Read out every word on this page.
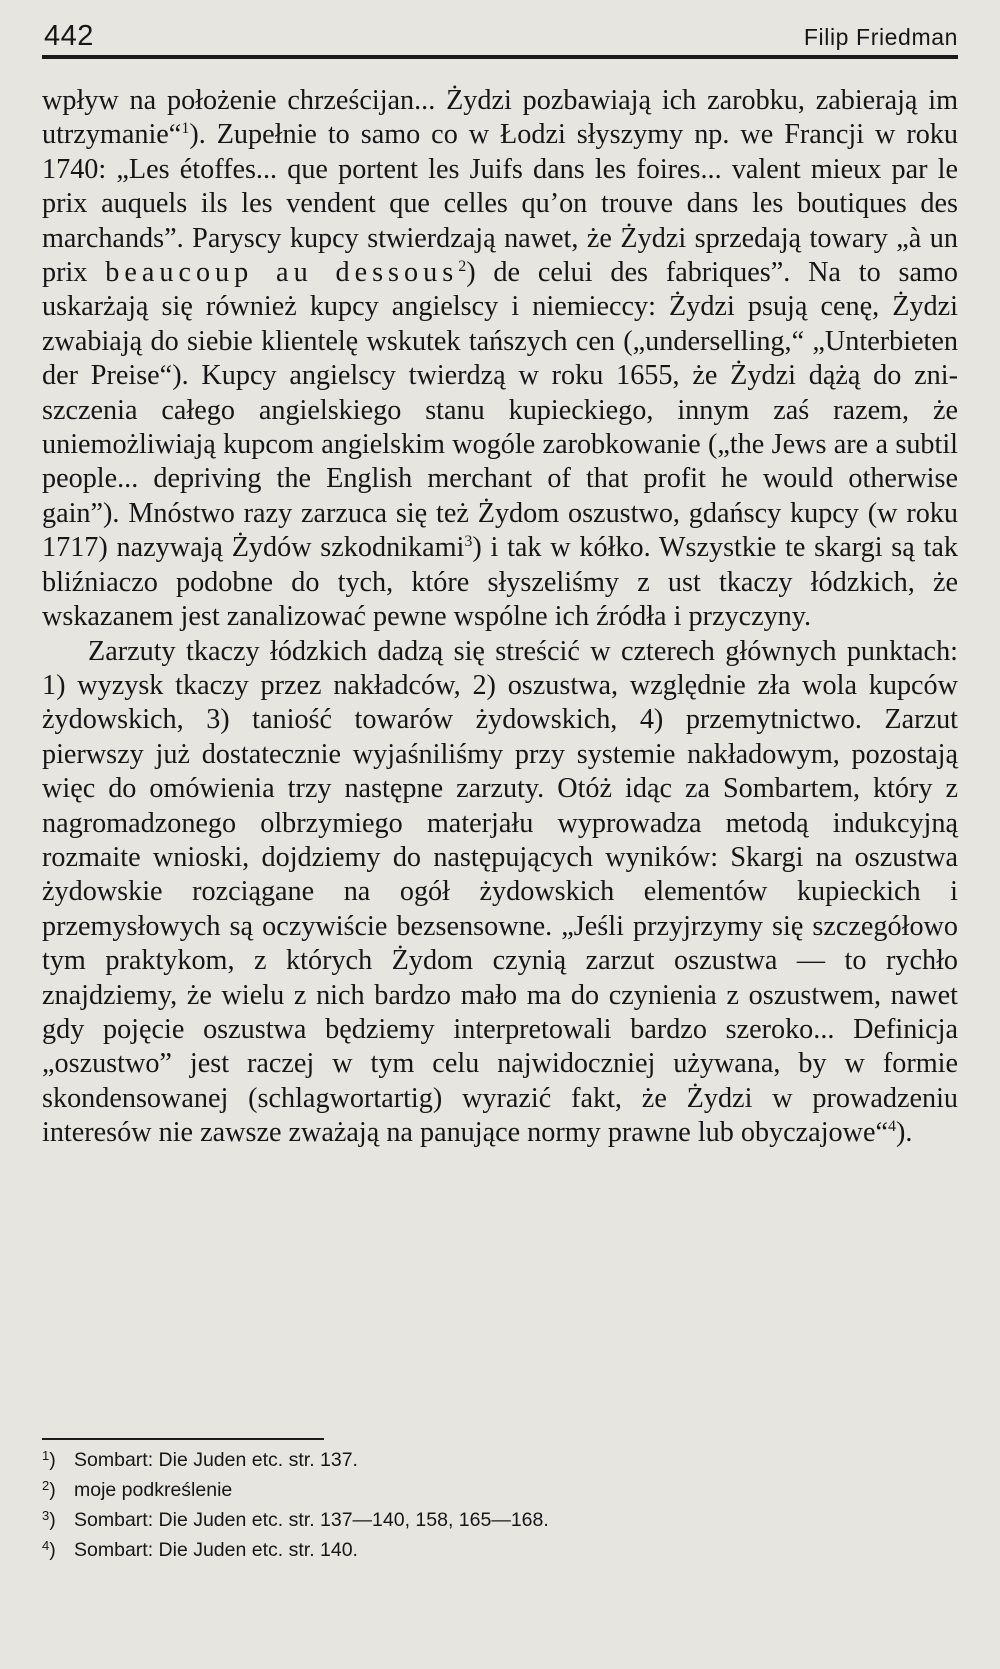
442	Filip Friedman

wpływ na położenie chrześcijan... Żydzi pozbawiają ich zarobku, zabierają im utrzymanie“$^1$). Zupełnie to samo co w Łodzi słyszymy np. we Francji w roku 1740: „Les étoffes... que portent les Juifs dans les foires... valent mieux par le prix auquels ils les vendent que celles qu’on trouve dans les boutiques des marchands”. Paryscy kupcy stwierdzają nawet, że Żydzi sprzedają towary „à un prix beaucoup au dessous$^2$) de celui des fabriques”. Na to samo uskarżają się również kupcy angielscy i niemieccy: Żydzi psują cenę, Żydzi zwabiają do siebie klientelę wskutek tańszych cen („underselling,“ „Unterbieten der Preise“). Kupcy angielscy twierdzą w roku 1655, że Żydzi dążą do zniszczenia całego angielskiego stanu kupieckiego, innym zaś razem, że uniemożliwiają kupcom angielskim wogóle zarobkowanie („the Jews are a subtil people... depriving the English merchant of that profit he would otherwise gain”). Mnóstwo razy zarzuca się też Żydom oszustwo, gdańscy kupcy (w roku 1717) nazywają Żydów szkodnikami$^3$) i tak w kółko. Wszystkie te skargi są tak bliźniaczo podobne do tych, które słyszeliśmy z ust tkaczy łódzkich, że wskazanem jest zanalizować pewne wspólne ich źródła i przyczyny.

Zarzuty tkaczy łódzkich dadzą się streścić w czterech głównych punktach: 1) wyzysk tkaczy przez nakładców, 2) oszustwa, względnie zła wola kupców żydowskich, 3) taniość towarów żydowskich, 4) przemytnictwo. Zarzut pierwszy już dostatecznie wyjaśniliśmy przy systemie nakładowym, pozostają więc do omówienia trzy następne zarzuty. Otóż idąc za Sombartem, który z nagromadzonego olbrzymiego materjału wyprowadza metodą indukcyjną rozmaite wnioski, dojdziemy do następujących wyników: Skargi na oszustwa żydowskie rozciągane na ogół żydowskich elementów kupieckich i przemysłowych są oczywiście bezsensowne. „Jeśli przyjrzymy się szczegółowo tym praktykom, z których Żydom czynią zarzut oszustwa — to rychło znajdziemy, że wielu z nich bardzo mało ma do czynienia z oszustwem, nawet gdy pojęcie oszustwa będziemy interpretowali bardzo szeroko... Definicja „oszustwo” jest raczej w tym celu najwidoczniej używana, by w formie skondensowanej (schlagwortartig) wyrazić fakt, że Żydzi w prowadzeniu interesów nie zawsze zważają na panujące normy prawne lub obyczajowe“$^4$).

$^1$) Sombart: Die Juden etc. str. 137.
$^2$) moje podkreślenie
$^3$) Sombart: Die Juden etc. str. 137—140, 158, 165—168.
$^4$) Sombart: Die Juden etc. str. 140.
